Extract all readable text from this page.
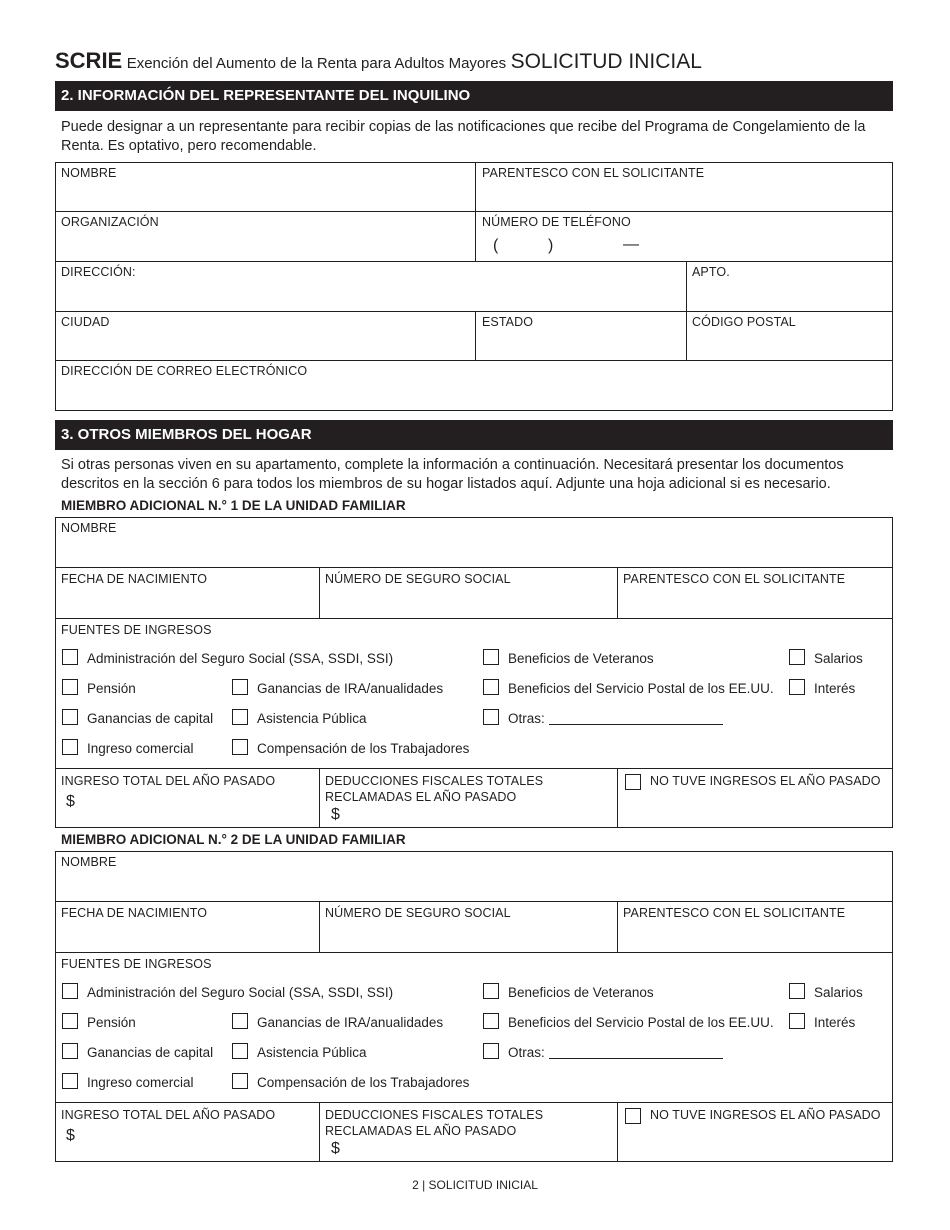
SCRIE Exención del Aumento de la Renta para Adultos Mayores SOLICITUD INICIAL
2. INFORMACIÓN DEL REPRESENTANTE DEL INQUILINO
Puede designar a un representante para recibir copias de las notificaciones que recibe del Programa de Congelamiento de la Renta. Es optativo, pero recomendable.
NOMBRE	PARENTESCO CON EL SOLICITANTE
ORGANIZACIÓN	NÚMERO DE TELÉFONO
(	)	—
DIRECCIÓN:	APTO.
CIUDAD	ESTADO	CÓDIGO POSTAL
DIRECCIÓN DE CORREO ELECTRÓNICO
3. OTROS MIEMBROS DEL HOGAR
Si otras personas viven en su apartamento, complete la información a continuación. Necesitará presentar los documentos descritos en la sección 6 para todos los miembros de su hogar listados aquí. Adjunte una hoja adicional si es necesario.
MIEMBRO ADICIONAL N.° 1 DE LA UNIDAD FAMILIAR
NOMBRE
FECHA DE NACIMIENTO	NÚMERO DE SEGURO SOCIAL	PARENTESCO CON EL SOLICITANTE
FUENTES DE INGRESOS
Administración del Seguro Social (SSA, SSDI, SSI)	Beneficios de Veteranos	Salarios
Pensión	Ganancias de IRA/anualidades	Beneficios del Servicio Postal de los EE.UU.	Interés
Ganancias de capital	Asistencia Pública	Otras:
Ingreso comercial	Compensación de los Trabajadores
INGRESO TOTAL DEL AÑO PASADO
$
DEDUCCIONES FISCALES TOTALES
RECLAMADAS EL AÑO PASADO
$
NO TUVE INGRESOS EL AÑO PASADO
MIEMBRO ADICIONAL N.° 2 DE LA UNIDAD FAMILIAR
NOMBRE
FECHA DE NACIMIENTO	NÚMERO DE SEGURO SOCIAL	PARENTESCO CON EL SOLICITANTE
FUENTES DE INGRESOS
Administración del Seguro Social (SSA, SSDI, SSI)	Beneficios de Veteranos	Salarios
Pensión	Ganancias de IRA/anualidades	Beneficios del Servicio Postal de los EE.UU.	Interés
Ganancias de capital	Asistencia Pública	Otras:
Ingreso comercial	Compensación de los Trabajadores
INGRESO TOTAL DEL AÑO PASADO
$
DEDUCCIONES FISCALES TOTALES
RECLAMADAS EL AÑO PASADO
$
NO TUVE INGRESOS EL AÑO PASADO
2 | SOLICITUD INICIAL
